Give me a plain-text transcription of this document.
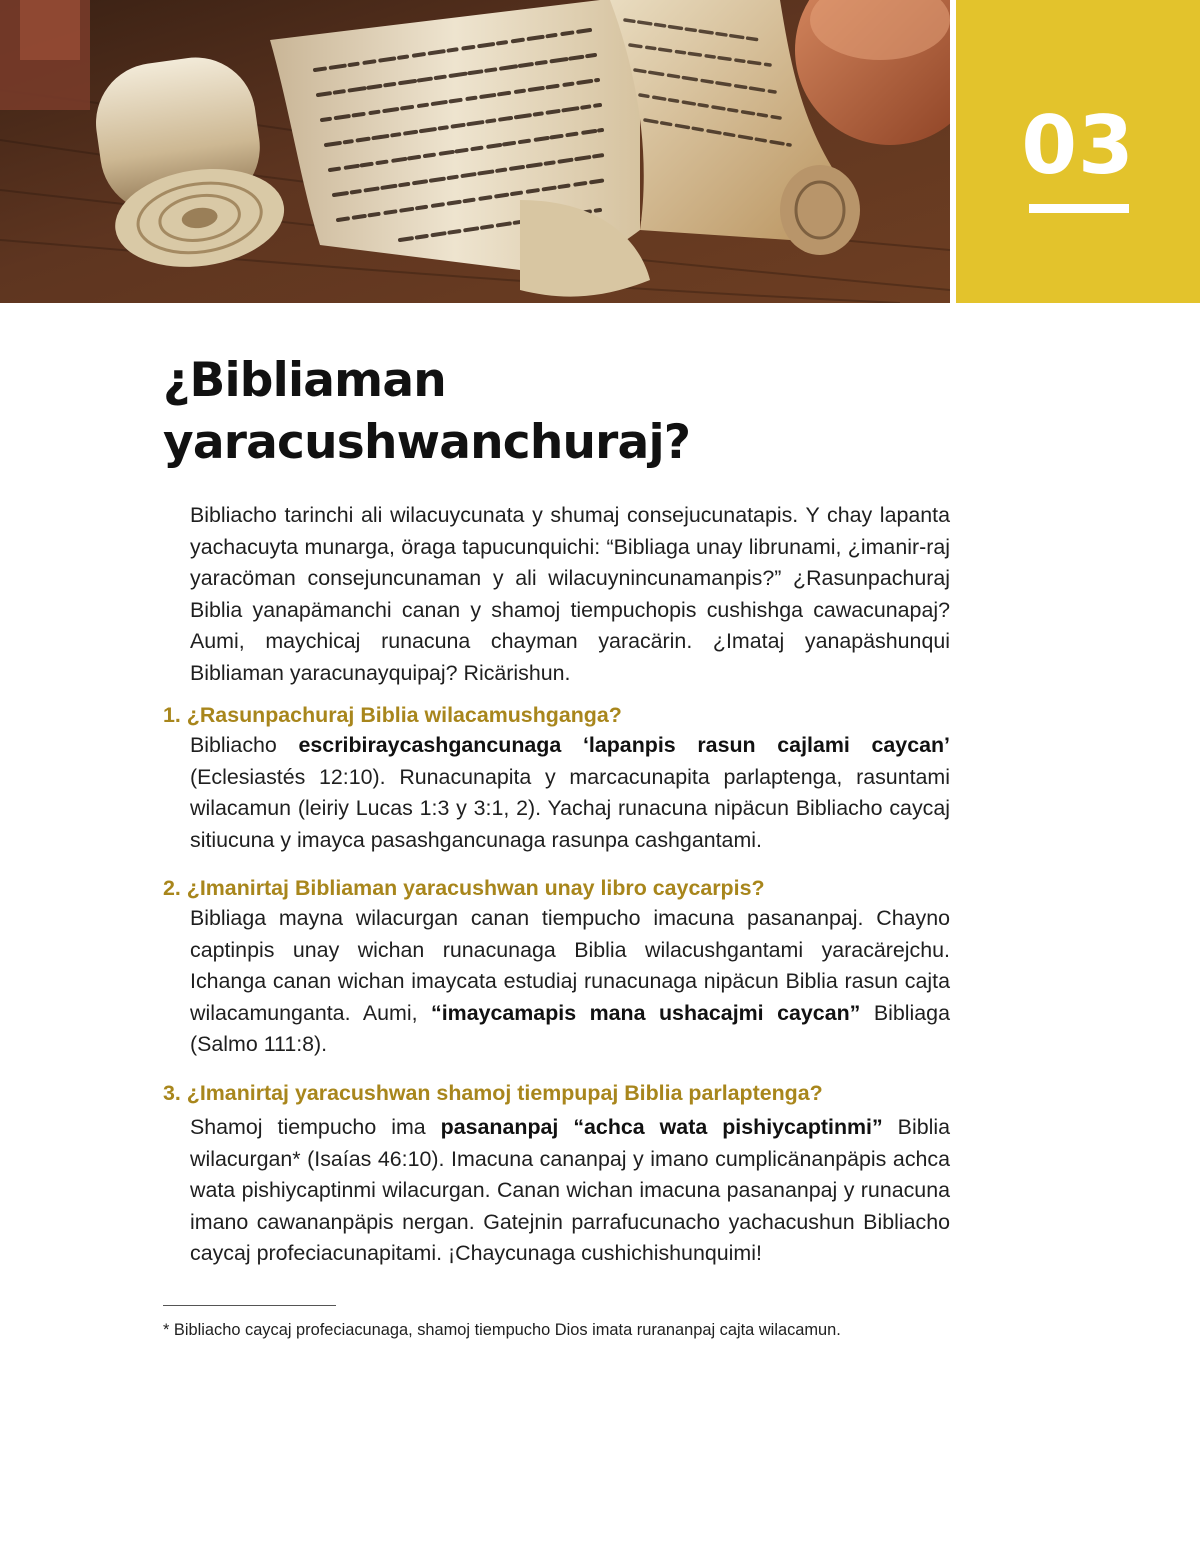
03
¿Bibliaman
yaracushwanchuraj?

Bibliacho tarinchi ali wilacuycunata y shumaj consejucunatapis. Y chay lapanta yachacuyta munarga, öraga tapucunquichi: “Bibliaga unay librunami, ¿imanir-raj yaracöman consejuncunaman y ali wilacuynincunamanpis?” ¿Rasunpachuraj Biblia yanapämanchi canan y shamoj tiempuchopis cushishga cawacunapaj? Aumi, maychicaj runacuna chayman yaracärin. ¿Imataj yanapäshunqui Bibliaman yaracunayquipaj? Ricärishun.

1. ¿Rasunpachuraj Biblia wilacamushganga?

Bibliacho escribiraycashgancunaga ‘lapanpis rasun cajlami caycan’ (Eclesiastés 12:10). Runacunapita y marcacunapita parlaptenga, rasuntami wilacamun (leiriy Lucas 1:3 y 3:1, 2). Yachaj runacuna nipäcun Bibliacho caycaj sitiucuna y imayca pasashgancunaga rasunpa cashgantami.

2. ¿Imanirtaj Bibliaman yaracushwan unay libro caycarpis?

Bibliaga mayna wilacurgan canan tiempucho imacuna pasananpaj. Chayno captinpis unay wichan runacunaga Biblia wilacushgantami yaracärejchu. Ichanga canan wichan imaycata estudiaj runacunaga nipäcun Biblia rasun cajta wilacamunganta. Aumi, “imaycamapis mana ushacajmi caycan” Bibliaga (Salmo 111:8).

3. ¿Imanirtaj yaracushwan shamoj tiempupaj Biblia parlaptenga?

Shamoj tiempucho ima pasananpaj “achca wata pishiycaptinmi” Biblia wilacurgan* (Isaías 46:10). Imacuna cananpaj y imano cumplicänanpäpis achca wata pishiycaptinmi wilacurgan. Canan wichan imacuna pasananpaj y runacuna imano cawananpäpis nergan. Gatejnin parrafucunacho yachacushun Bibliacho caycaj profeciacunapitami. ¡Chaycunaga cushichishunquimi!

* Bibliacho caycaj profeciacunaga, shamoj tiempucho Dios imata rurananpaj cajta wilacamun.
